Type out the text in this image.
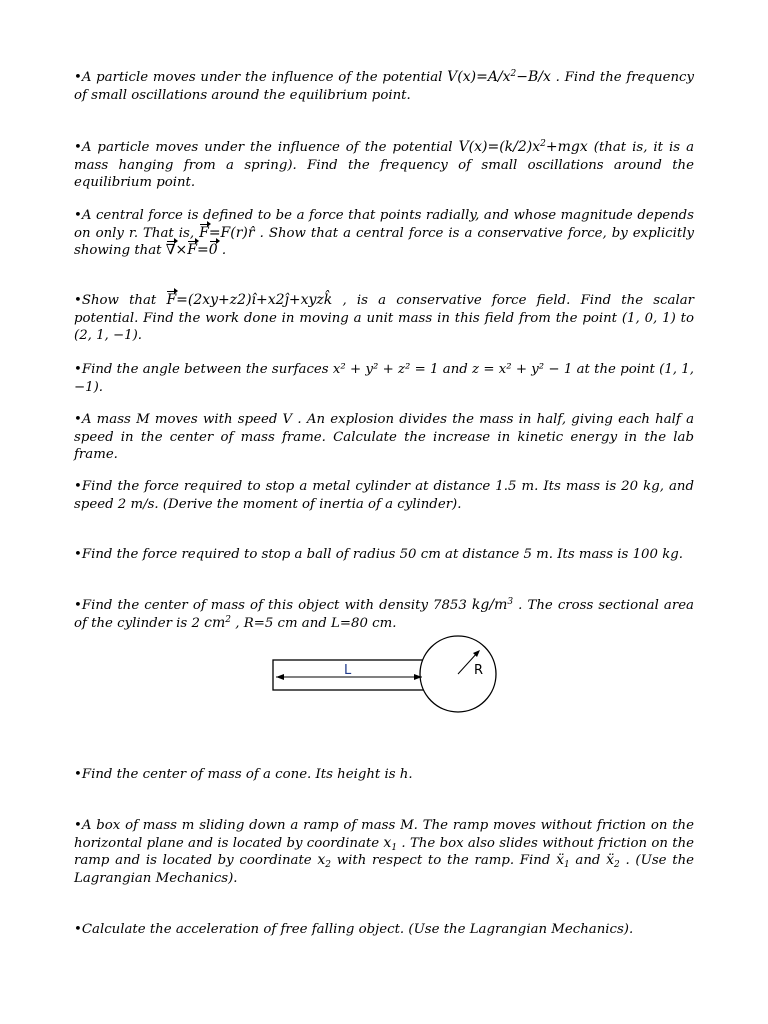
•A particle moves under the influence of the potential $V(x)=A/x^2-B/x$ . Find the frequency of small oscillations around the equilibrium point.

•A particle moves under the influence of the potential $V(x)=(k/2)x^2+mgx$ (that is, it is a mass hanging from a spring). Find the frequency of small oscillations around the equilibrium point.

•A central force is defined to be a force that points radially, and whose magnitude depends on only r. That is, F=F(r)r̂ . Show that a central force is a conservative force, by explicitly showing that ∇×F=0 .

•Show that F=(2xy+z2)î+x2ĵ+xyzk̂ , is a conservative force field. Find the scalar potential. Find the work done in moving a unit mass in this field from the point (1, 0, 1) to (2, 1, −1).

•Find the angle between the surfaces x² + y² + z² = 1 and z = x² + y² − 1 at the point (1, 1, −1).

•A mass M moves with speed V . An explosion divides the mass in half, giving each half a speed in the center of mass frame. Calculate the increase in kinetic energy in the lab frame.

•Find the force required to stop a metal cylinder at distance 1.5 m. Its mass is 20 kg, and speed 2 m/s. (Derive the moment of inertia of a cylinder).

•Find the force required to stop a ball of radius 50 cm at distance 5 m. Its mass is 100 kg.

•Find the center of mass of this object with density 7853 $kg/m^3$ . The cross sectional area of the cylinder is 2 $cm^2$ , R=5 cm and L=80 cm.

L	R

•Find the center of mass of a cone. Its height is h.

•A box of mass m sliding down a ramp of mass M. The ramp moves without friction on the horizontal plane and is located by coordinate $x_1$ . The box also slides without friction on the ramp and is located by coordinate $x_2$ with respect to the ramp. Find ẍ$_1$ and ẍ$_2$ . (Use the Lagrangian Mechanics).

•Calculate the acceleration of free falling object. (Use the Lagrangian Mechanics).
